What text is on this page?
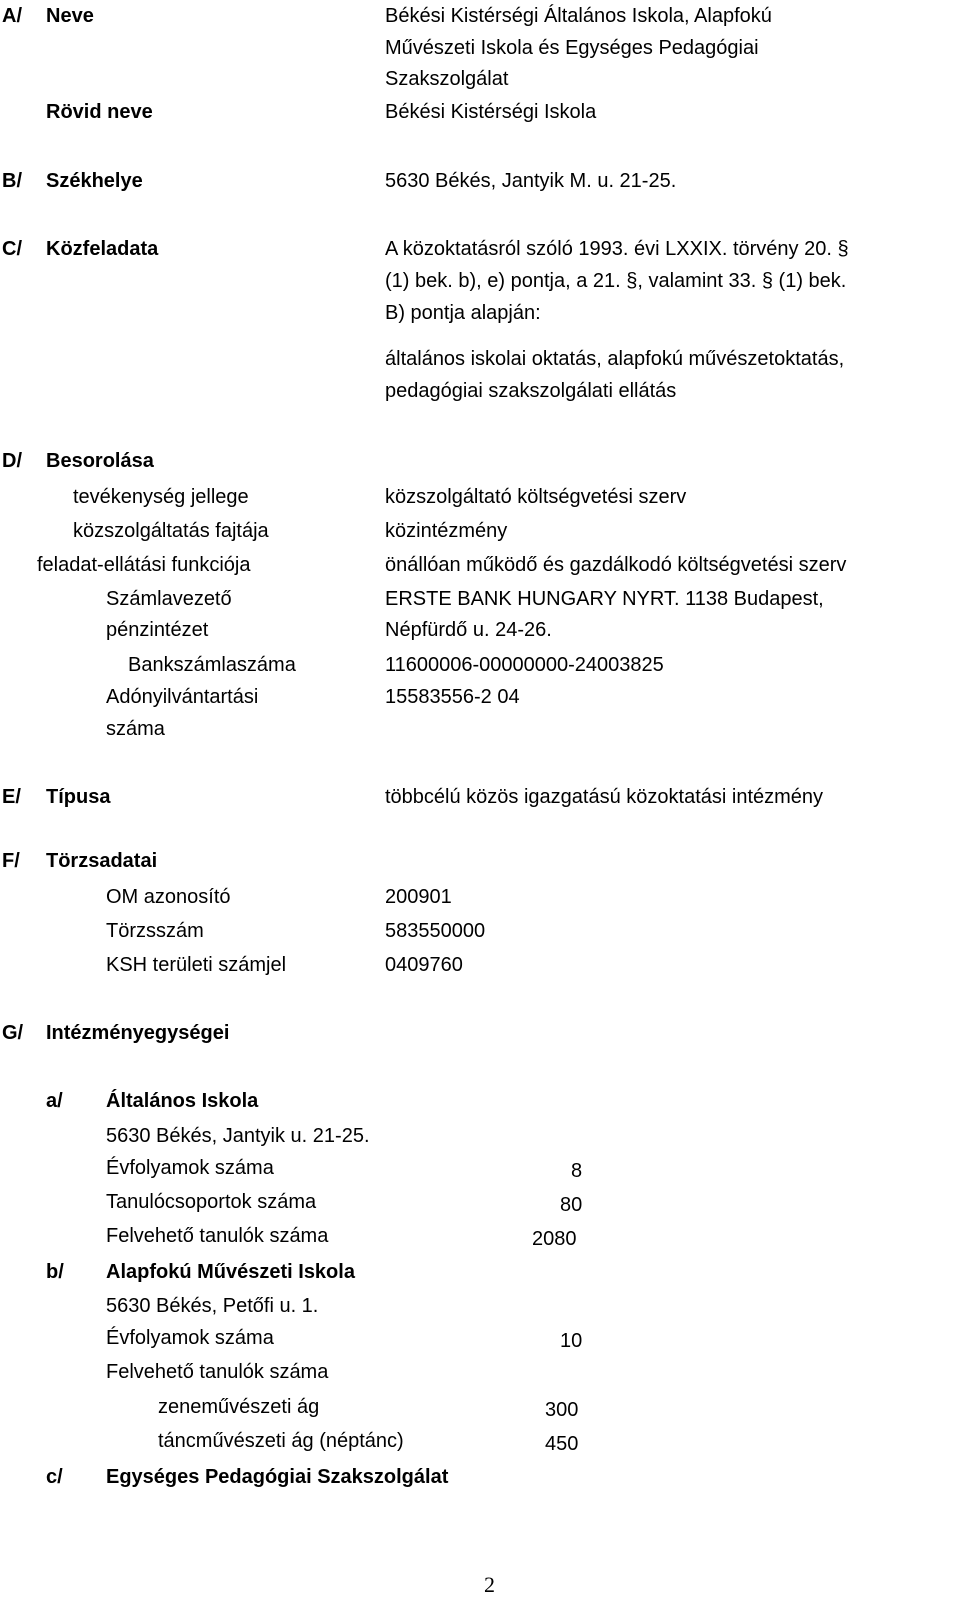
A/ Neve	Békési Kistérségi Általános Iskola, Alapfokú
Művészeti Iskola és Egységes Pedagógiai
Szakszolgálat
Rövid neve	Békési Kistérségi Iskola
B/ Székhelye	5630 Békés, Jantyik M. u. 21-25.
C/ Közfeladata	A közoktatásról szóló 1993. évi LXXIX. törvény 20. §
(1) bek. b), e) pontja, a 21. §, valamint 33. § (1) bek.
B) pontja alapján:
általános iskolai oktatás, alapfokú művészetoktatás,
pedagógiai szakszolgálati ellátás
D/ Besorolása
tevékenység jellege	közszolgáltató költségvetési szerv
közszolgáltatás fajtája	közintézmény
feladat-ellátási funkciója	önállóan működő és gazdálkodó költségvetési szerv
Számlavezető	ERSTE BANK HUNGARY NYRT. 1138 Budapest,
pénzintézet	Népfürdő u. 24-26.
Bankszámlaszáma	11600006-00000000-24003825
Adónyilvántartási	15583556-2 04
száma
E/ Típusa	többcélú közös igazgatású közoktatási intézmény
F/ Törzsadatai
OM azonosító	200901
Törzsszám	583550000
KSH területi számjel	0409760
G/ Intézményegységei
a/ Általános Iskola
5630 Békés, Jantyik u. 21-25.
Évfolyamok száma	8
Tanulócsoportok száma	80
Felvehető tanulók száma	2080
b/ Alapfokú Művészeti Iskola
5630 Békés, Petőfi u. 1.
Évfolyamok száma	10
Felvehető tanulók száma
zeneművészeti ág	300
táncművészeti ág (néptánc)	450
c/ Egységes Pedagógiai Szakszolgálat
2
